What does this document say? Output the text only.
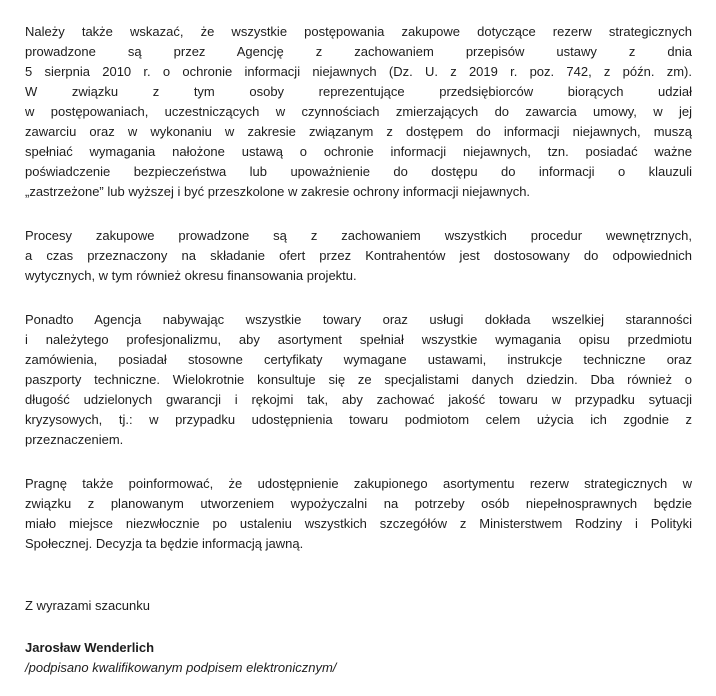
Należy także wskazać, że wszystkie postępowania zakupowe dotyczące rezerw strategicznych
prowadzone są przez Agencję z zachowaniem przepisów ustawy z dnia
5 sierpnia 2010 r. o ochronie informacji niejawnych (Dz. U. z 2019 r. poz. 742, z późn. zm).
W związku z tym osoby reprezentujące przedsiębiorców biorących udział
w postępowaniach, uczestniczących w czynnościach zmierzających do zawarcia umowy, w jej
zawarciu oraz w wykonaniu w zakresie związanym z dostępem do informacji niejawnych, muszą
spełniać wymagania nałożone ustawą o ochronie informacji niejawnych, tzn. posiadać ważne
poświadczenie bezpieczeństwa lub upoważnienie do dostępu do informacji o klauzuli
„zastrzeżone” lub wyższej i być przeszkolone w zakresie ochrony informacji niejawnych.
Procesy zakupowe prowadzone są z zachowaniem wszystkich procedur wewnętrznych,
a czas przeznaczony na składanie ofert przez Kontrahentów jest dostosowany do odpowiednich
wytycznych, w tym również okresu finansowania projektu.
Ponadto Agencja nabywając wszystkie towary oraz usługi dokłada wszelkiej staranności
i należytego profesjonalizmu, aby asortyment spełniał wszystkie wymagania opisu przedmiotu
zamówienia, posiadał stosowne certyfikaty wymagane ustawami, instrukcje techniczne oraz
paszporty techniczne. Wielokrotnie konsultuje się ze specjalistami danych dziedzin. Dba również o
długość udzielonych gwarancji i rękojmi tak, aby zachować jakość towaru w przypadku sytuacji
kryzysowych, tj.: w przypadku udostępnienia towaru podmiotom celem użycia ich zgodnie z
przeznaczeniem.
Pragnę także poinformować, że udostępnienie zakupionego asortymentu rezerw strategicznych w
związku z planowanym utworzeniem wypożyczalni na potrzeby osób niepełnosprawnych będzie
miało miejsce niezwłocznie po ustaleniu wszystkich szczegółów z Ministerstwem Rodziny i Polityki
Społecznej. Decyzja ta będzie informacją jawną.
Z wyrazami szacunku
Jarosław Wenderlich
/podpisano kwalifikowanym podpisem elektronicznym/
